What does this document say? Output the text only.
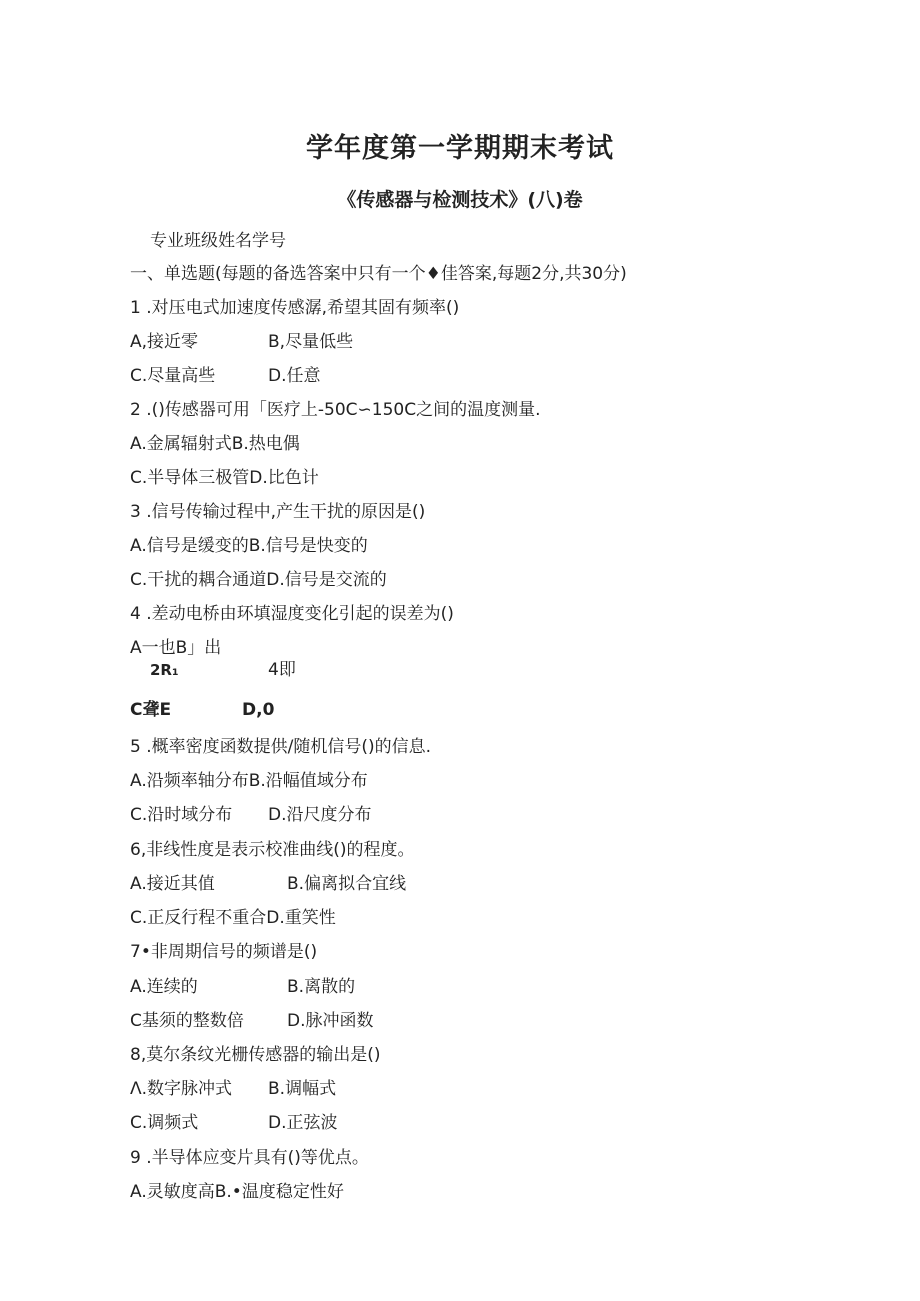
学年度第一学期期末考试
《传感器与检测技术》(八)卷
专业班级姓名学号
一、单选题(每题的备选答案中只有一个♦佳答案,每题2分,共30分)
1 .对压电式加速度传感潺,希望其固有频率()
A,接近零	B,尽量低些
C.尽量高些	D.任意
2 .()传感器可用「医疗上-50C∽150C之间的温度测量.
A.金属辐射式B.热电偶
C.半导体三极管D.比色计
3 .信号传输过程中,产生干扰的原因是()
A.信号是缓变的B.信号是快变的
C.干扰的耦合通道D.信号是交流的
4 .差动电桥由环填湿度变化引起的误差为()
A一也B」出
2R₁	4即
C聋E	D,0
5 .概率密度函数提供/随机信号()的信息.
A.沿频率轴分布B.沿幅值域分布
C.沿时域分布 D.沿尺度分布
6,非线性度是表示校准曲线()的程度。
A.接近其值	B.偏离拟合宜线
C.正反行程不重合D.重笑性
7•非周期信号的频谱是()
A.连续的	B.离散的
C基须的整数倍	D.脉冲函数
8,莫尔条纹光栅传感器的输出是()
Λ.数字脉冲式 B.调幅式
C.调频式	D.正弦波
9 .半导体应变片具有()等优点。
A.灵敏度高B.•温度稳定性好
